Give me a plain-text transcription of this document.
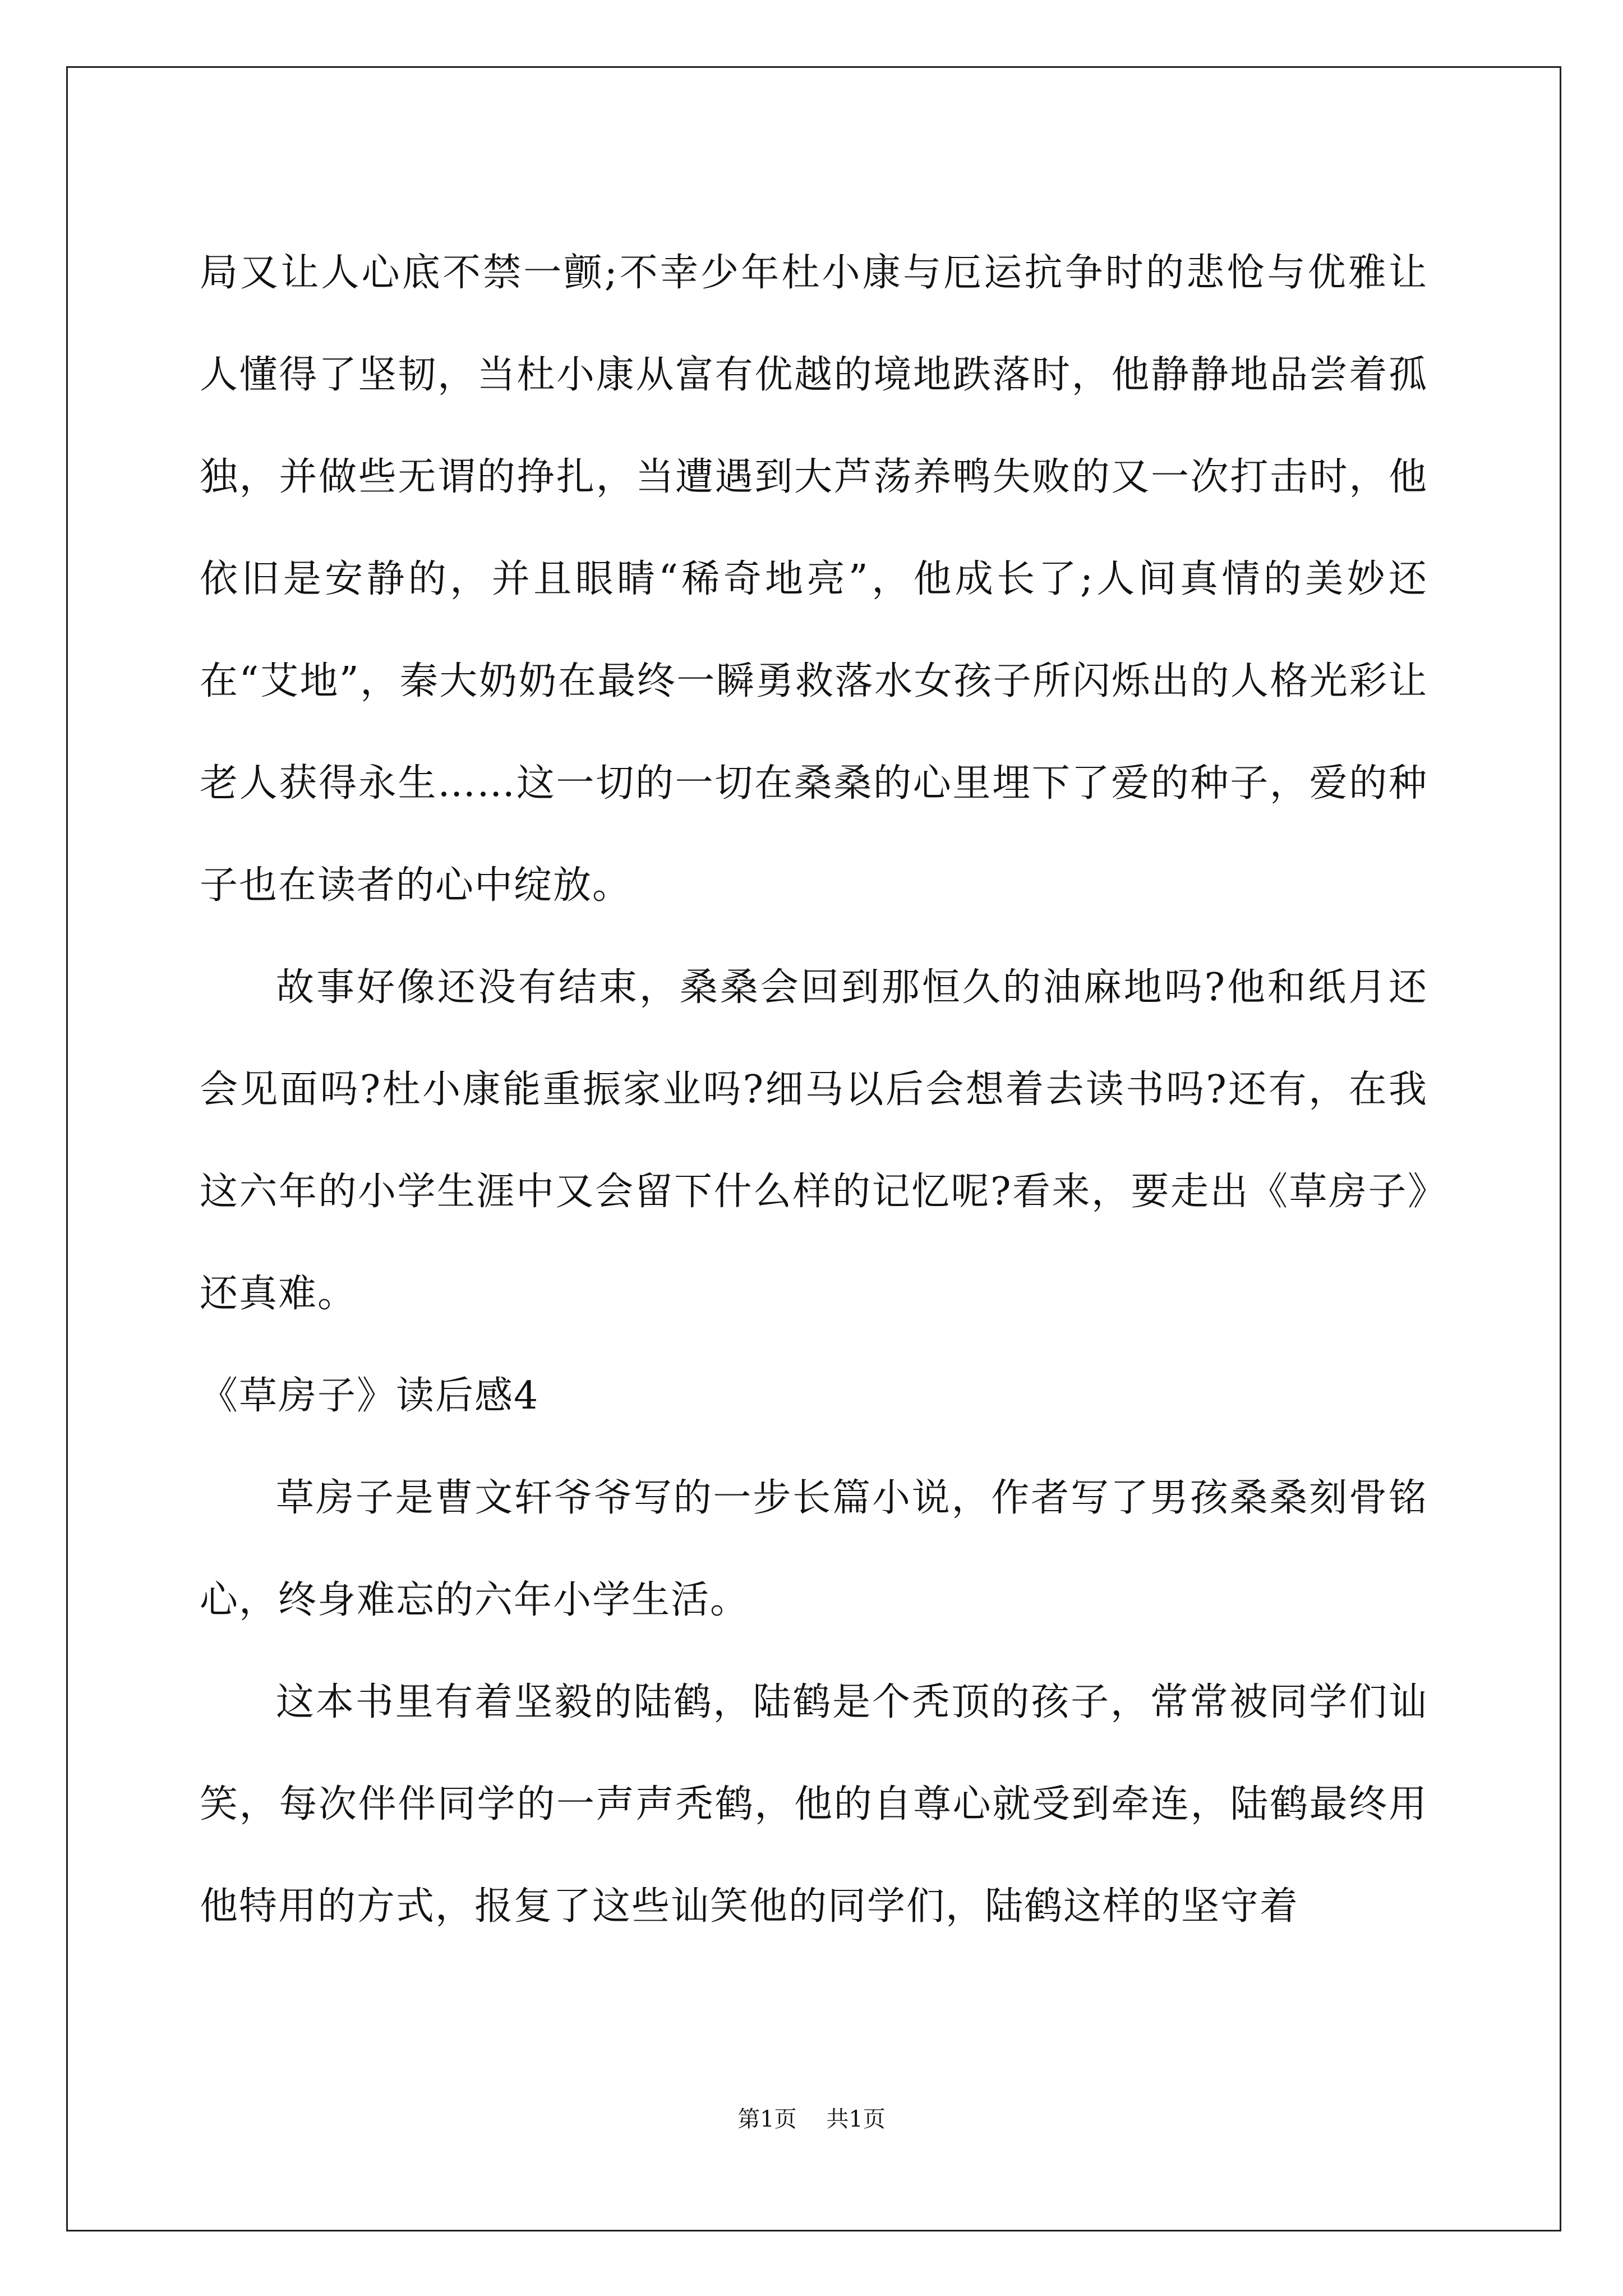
局又让人心底不禁一颤;不幸少年杜小康与厄运抗争时的悲怆与优雅让人懂得了坚韧，当杜小康从富有优越的境地跌落时，他静静地品尝着孤独，并做些无谓的挣扎，当遭遇到大芦荡养鸭失败的又一次打击时，他依旧是安静的，并且眼睛“稀奇地亮”，他成长了;人间真情的美妙还在“艾地”，秦大奶奶在最终一瞬勇救落水女孩子所闪烁出的人格光彩让老人获得永生……这一切的一切在桑桑的心里埋下了爱的种子，爱的种子也在读者的心中绽放。

故事好像还没有结束，桑桑会回到那恒久的油麻地吗?他和纸月还会见面吗?杜小康能重振家业吗?细马以后会想着去读书吗?还有，在我这六年的小学生涯中又会留下什么样的记忆呢?看来，要走出《草房子》还真难。

《草房子》读后感4

草房子是曹文轩爷爷写的一步长篇小说，作者写了男孩桑桑刻骨铭心，终身难忘的六年小学生活。

这本书里有着坚毅的陆鹤，陆鹤是个秃顶的孩子，常常被同学们讪笑，每次伴伴同学的一声声秃鹤，他的自尊心就受到牵连，陆鹤最终用他特用的方式，报复了这些讪笑他的同学们，陆鹤这样的坚守着

第1页 共1页
